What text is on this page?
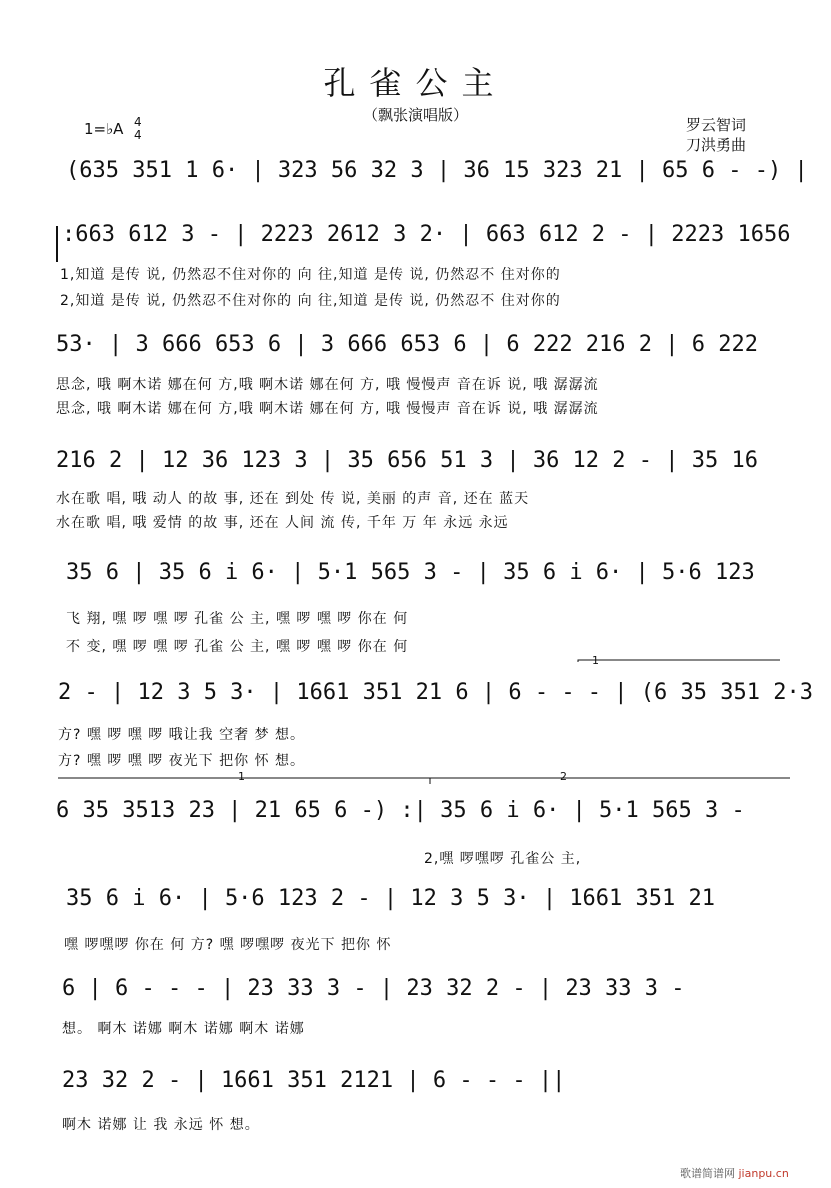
孔雀公主
（飘张演唱版）
1=♭A 4
4
罗云智词
刀洪勇曲
(635 351 1 6· | 323 56 32 3 | 36 15 323 21 | 65 6 - -) |
:663 612 3 - | 2223 2612 3 2· | 663 612 2 - | 2223 1656
1,知道 是传 说, 仍然忍不住对你的 向 往,知道 是传 说, 仍然忍不 住对你的
2,知道 是传 说, 仍然忍不住对你的 向 往,知道 是传 说, 仍然忍不 住对你的
53· | 3 666 653 6 | 3 666 653 6 | 6 222 216 2 | 6 222
思念, 哦 啊木诺 娜在何 方,哦 啊木诺 娜在何 方, 哦 慢慢声 音在诉 说, 哦 潺潺流
思念, 哦 啊木诺 娜在何 方,哦 啊木诺 娜在何 方, 哦 慢慢声 音在诉 说, 哦 潺潺流
216 2 | 12 36 123 3 | 35 656 51 3 | 36 12 2 - | 35 16
水在歌 唱, 哦 动人 的故 事, 还在 到处 传 说, 美丽 的声 音, 还在 蓝天
水在歌 唱, 哦 爱情 的故 事, 还在 人间 流 传, 千年 万 年 永远 永远
35 6 | 35 6 i 6· | 5·1 565 3 - | 35 6 i 6· | 5·6 123
飞 翔, 嘿 啰 嘿 啰 孔雀 公 主, 嘿 啰 嘿 啰 你在 何
不 变, 嘿 啰 嘿 啰 孔雀 公 主, 嘿 啰 嘿 啰 你在 何
1
2 - | 12 3 5 3· | 1661 351 21 6 | 6 - - - | (6 35 351 2·3
方? 嘿 啰 嘿 啰 哦让我 空奢 梦 想。
方? 嘿 啰 嘿 啰 夜光下 把你 怀 想。
1	2
6 35 3513 23 | 21 65 6 -) :| 35 6 i 6· | 5·1 565 3 -
2,嘿 啰嘿啰 孔雀公 主,
35 6 i 6· | 5·6 123 2 - | 12 3 5 3· | 1661 351 21
嘿 啰嘿啰 你在 何 方? 嘿 啰嘿啰 夜光下 把你 怀
6 | 6 - - - | 23 33 3 - | 23 32 2 - | 23 33 3 -
想。 啊木 诺娜 啊木 诺娜 啊木 诺娜
23 32 2 - | 1661 351 2121 | 6 - - - ||
啊木 诺娜 让 我 永远 怀 想。
歌谱简谱网 jianpu.cn
